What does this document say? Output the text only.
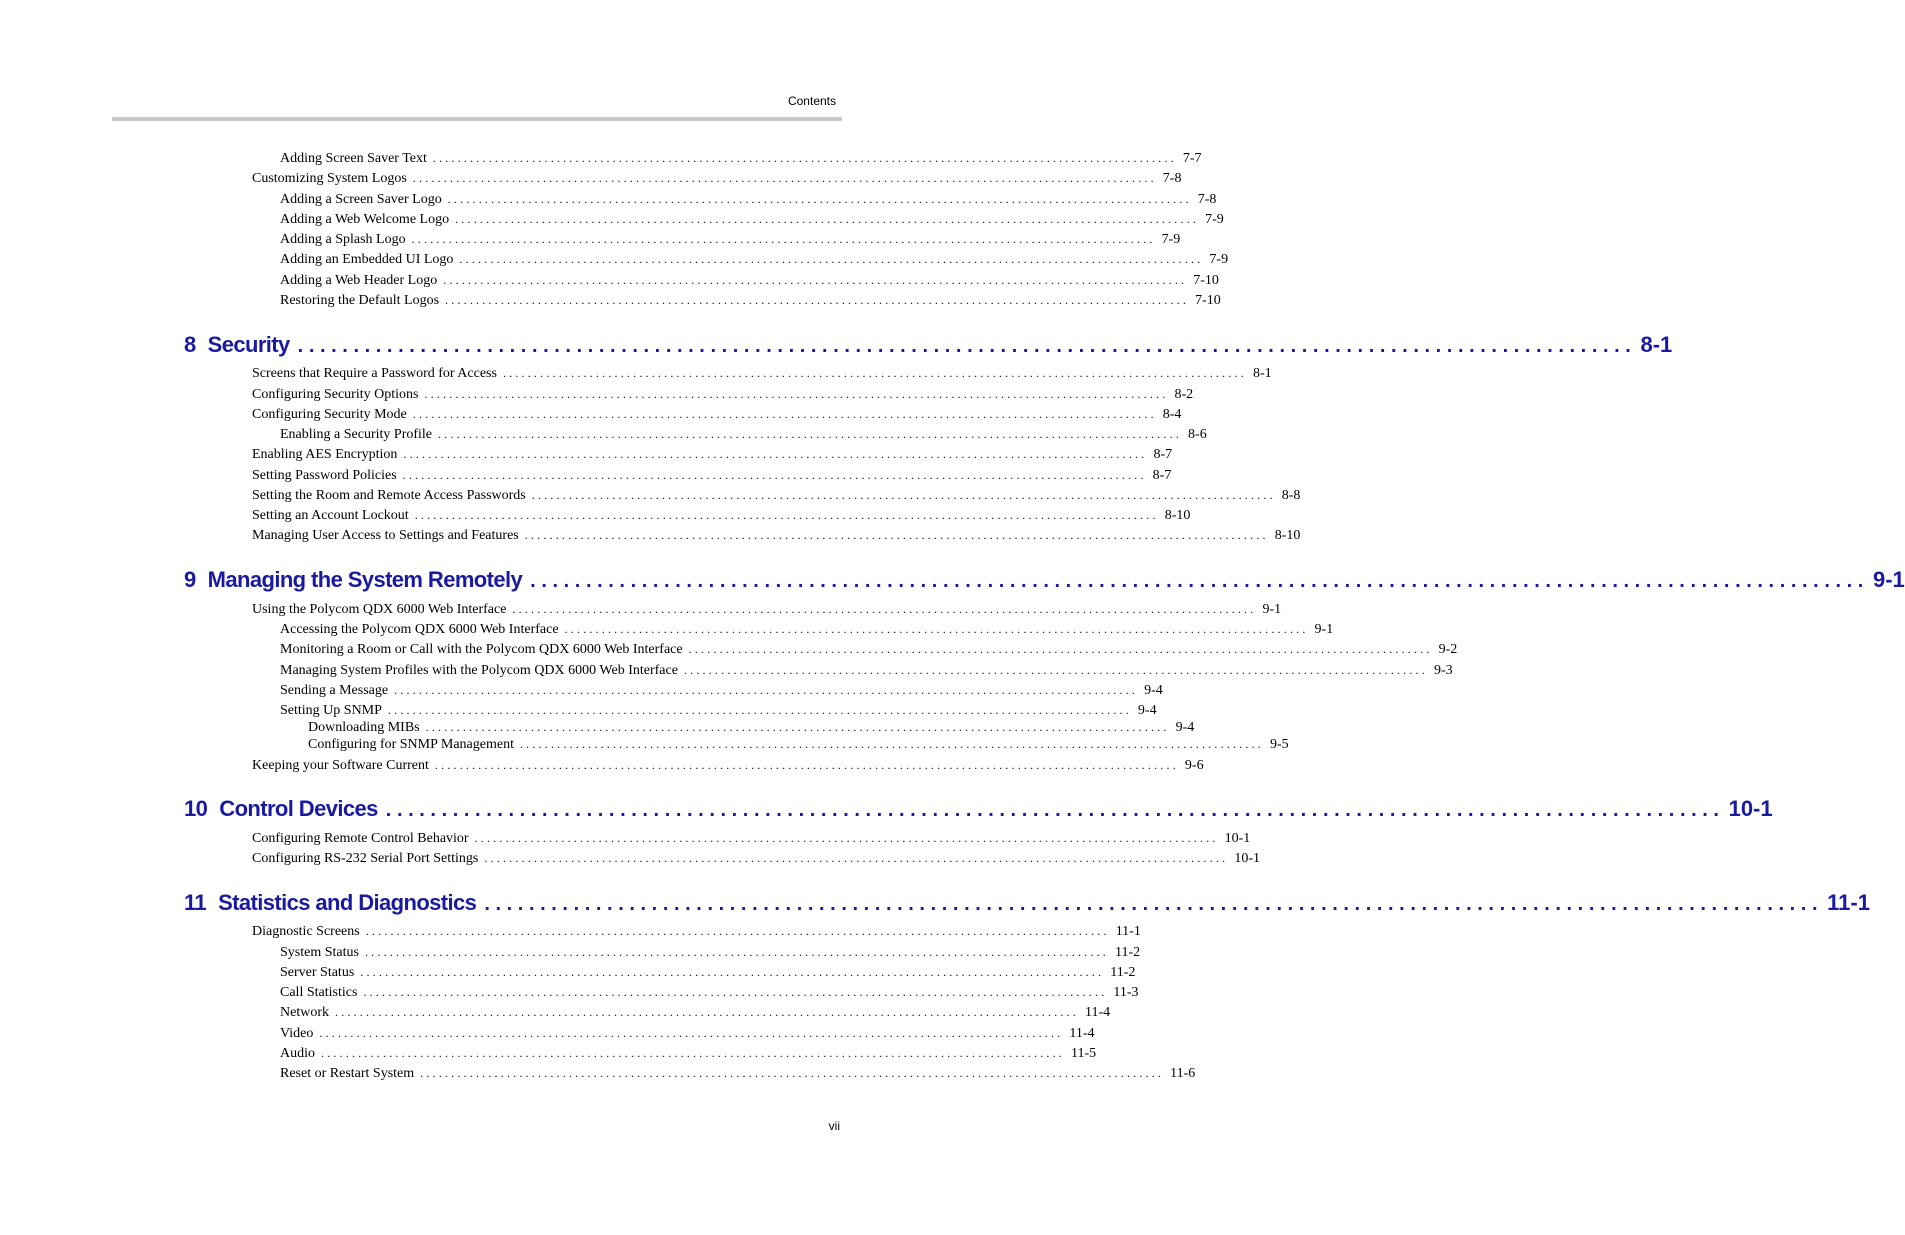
Contents
Adding Screen Saver Text ........................................................................................................................ 7-7
Customizing System Logos ........................................................................................................................ 7-8
Adding a Screen Saver Logo ........................................................................................................................ 7-8
Adding a Web Welcome Logo ........................................................................................................................ 7-9
Adding a Splash Logo ........................................................................................................................ 7-9
Adding an Embedded UI Logo ........................................................................................................................ 7-9
Adding a Web Header Logo ........................................................................................................................ 7-10
Restoring the Default Logos ........................................................................................................................ 7-10
8 Security ........................................................................................................................ 8-1
Screens that Require a Password for Access ........................................................................................................................ 8-1
Configuring Security Options ........................................................................................................................ 8-2
Configuring Security Mode ........................................................................................................................ 8-4
Enabling a Security Profile ........................................................................................................................ 8-6
Enabling AES Encryption ........................................................................................................................ 8-7
Setting Password Policies ........................................................................................................................ 8-7
Setting the Room and Remote Access Passwords ........................................................................................................................ 8-8
Setting an Account Lockout ........................................................................................................................ 8-10
Managing User Access to Settings and Features ........................................................................................................................ 8-10
9 Managing the System Remotely ........................................................................................................................ 9-1
Using the Polycom QDX 6000 Web Interface ........................................................................................................................ 9-1
Accessing the Polycom QDX 6000 Web Interface ........................................................................................................................ 9-1
Monitoring a Room or Call with the Polycom QDX 6000 Web Interface ........................................................................................................................ 9-2
Managing System Profiles with the Polycom QDX 6000 Web Interface ........................................................................................................................ 9-3
Sending a Message ........................................................................................................................ 9-4
Setting Up SNMP ........................................................................................................................ 9-4
Downloading MIBs ........................................................................................................................ 9-4
Configuring for SNMP Management ........................................................................................................................ 9-5
Keeping your Software Current ........................................................................................................................ 9-6
10 Control Devices ........................................................................................................................ 10-1
Configuring Remote Control Behavior ........................................................................................................................ 10-1
Configuring RS-232 Serial Port Settings ........................................................................................................................ 10-1
11 Statistics and Diagnostics ........................................................................................................................ 11-1
Diagnostic Screens ........................................................................................................................ 11-1
System Status ........................................................................................................................ 11-2
Server Status ........................................................................................................................ 11-2
Call Statistics ........................................................................................................................ 11-3
Network ........................................................................................................................ 11-4
Video ........................................................................................................................ 11-4
Audio ........................................................................................................................ 11-5
Reset or Restart System ........................................................................................................................ 11-6
vii
